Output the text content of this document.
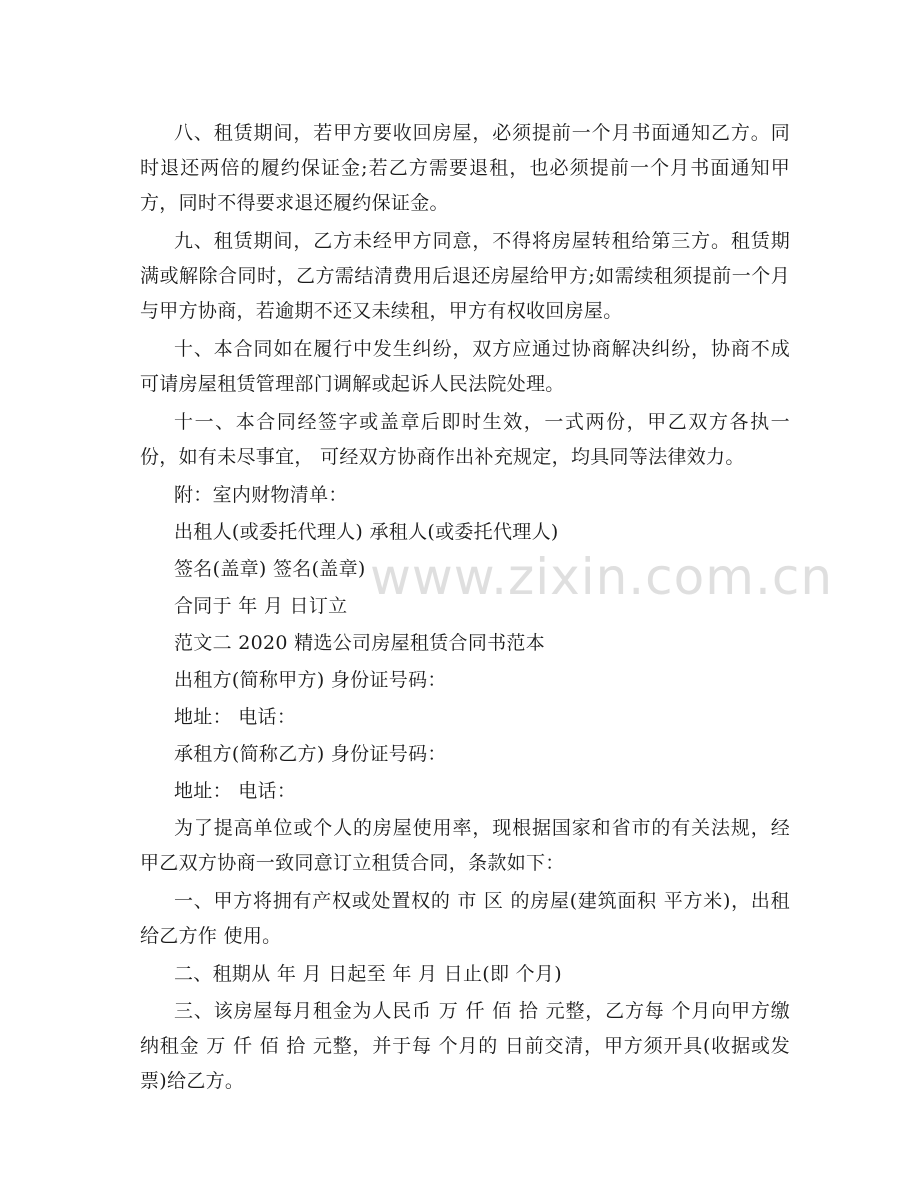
八、租赁期间，若甲方要收回房屋，必须提前一个月书面通知乙方。同时退还两倍的履约保证金;若乙方需要退租，也必须提前一个月书面通知甲方，同时不得要求退还履约保证金。

九、租赁期间，乙方未经甲方同意，不得将房屋转租给第三方。租赁期满或解除合同时，乙方需结清费用后退还房屋给甲方;如需续租须提前一个月与甲方协商，若逾期不还又未续租，甲方有权收回房屋。

十、本合同如在履行中发生纠纷，双方应通过协商解决纠纷，协商不成可请房屋租赁管理部门调解或起诉人民法院处理。

十一、本合同经签字或盖章后即时生效，一式两份，甲乙双方各执一份，如有未尽事宜， 可经双方协商作出补充规定，均具同等法律效力。

附：室内财物清单：

出租人(或委托代理人) 承租人(或委托代理人)

签名(盖章) 签名(盖章)

合同于 年 月 日订立

范文二 2020 精选公司房屋租赁合同书范本

出租方(简称甲方) 身份证号码：

地址： 电话：

承租方(简称乙方) 身份证号码：

地址： 电话：

为了提高单位或个人的房屋使用率，现根据国家和省市的有关法规，经甲乙双方协商一致同意订立租赁合同，条款如下：

一、甲方将拥有产权或处置权的 市 区 的房屋(建筑面积 平方米)，出租给乙方作 使用。

二、租期从 年 月 日起至 年 月 日止(即 个月)

三、该房屋每月租金为人民币 万 仟 佰 拾 元整，乙方每 个月向甲方缴纳租金 万 仟 佰 拾 元整，并于每 个月的 日前交清，甲方须开具(收据或发票)给乙方。

www.zixin.com.cn
